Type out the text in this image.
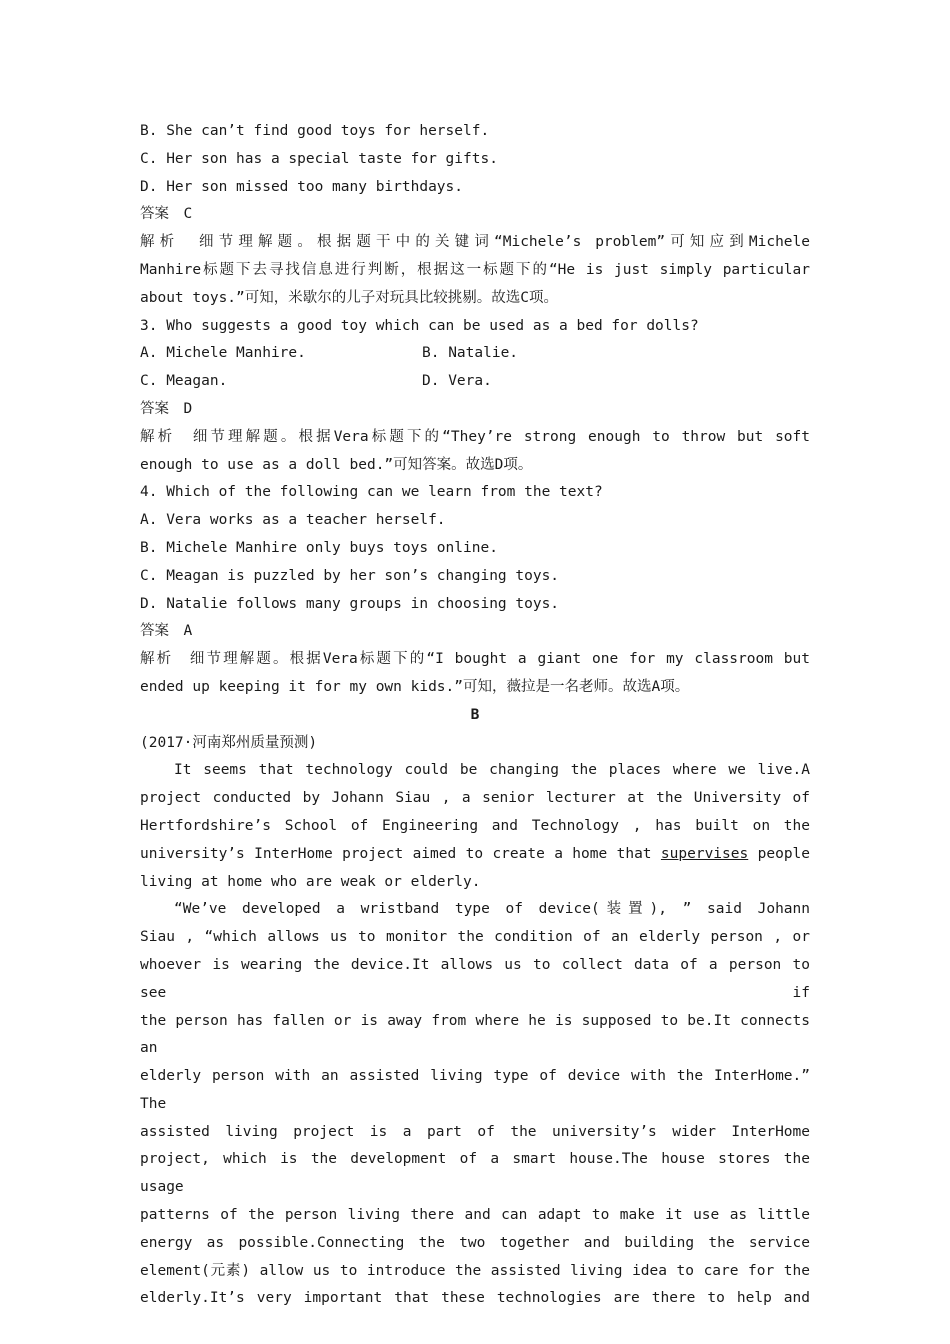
B. She can’t find good toys for herself.
C. Her son has a special taste for gifts.
D. Her son missed too many birthdays.
答案　C
解析　细节理解题。根据题干中的关键词“Michele’s problem”可知应到Michele
Manhire标题下去寻找信息进行判断，根据这一标题下的“He is just simply particular
about toys.”可知，米歇尔的儿子对玩具比较挑剔。故选C项。
3. Who suggests a good toy which can be used as a bed for dolls?
A. Michele Manhire.	B. Natalie.
C. Meagan.	D. Vera.
答案　D
解析　细节理解题。根据Vera标题下的“They’re strong enough to throw but soft
enough to use as a doll bed.”可知答案。故选D项。
4. Which of the following can we learn from the text?
A. Vera works as a teacher herself.
B. Michele Manhire only buys toys online.
C. Meagan is puzzled by her son’s changing toys.
D. Natalie follows many groups in choosing toys.
答案　A
解析　细节理解题。根据Vera标题下的“I bought a giant one for my classroom but
ended up keeping it for my own kids.”可知，薇拉是一名老师。故选A项。
B
(2017·河南郑州质量预测)
It seems that technology could be changing the places where we live.A
project conducted by Johann Siau , a senior lecturer at the University of
Hertfordshire’s School of Engineering and Technology , has built on the
university’s InterHome project aimed to create a home that supervises people
living at home who are weak or elderly.
“We’ve developed a wristband type of device(装置), ” said Johann
Siau , “which allows us to monitor the condition of an elderly person , or
whoever is wearing the device.It allows us to collect data of a person to see if
the person has fallen or is away from where he is supposed to be.It connects an
elderly person with an assisted living type of device with the InterHome.” The
assisted living project is a part of the university’s wider InterHome
project, which is the development of a smart house.The house stores the usage
patterns of the person living there and can adapt to make it use as little
energy as possible.Connecting the two together and building the service
element(元素) allow us to introduce the assisted living idea to care for the
elderly.It’s very important that these technologies are there to help and
